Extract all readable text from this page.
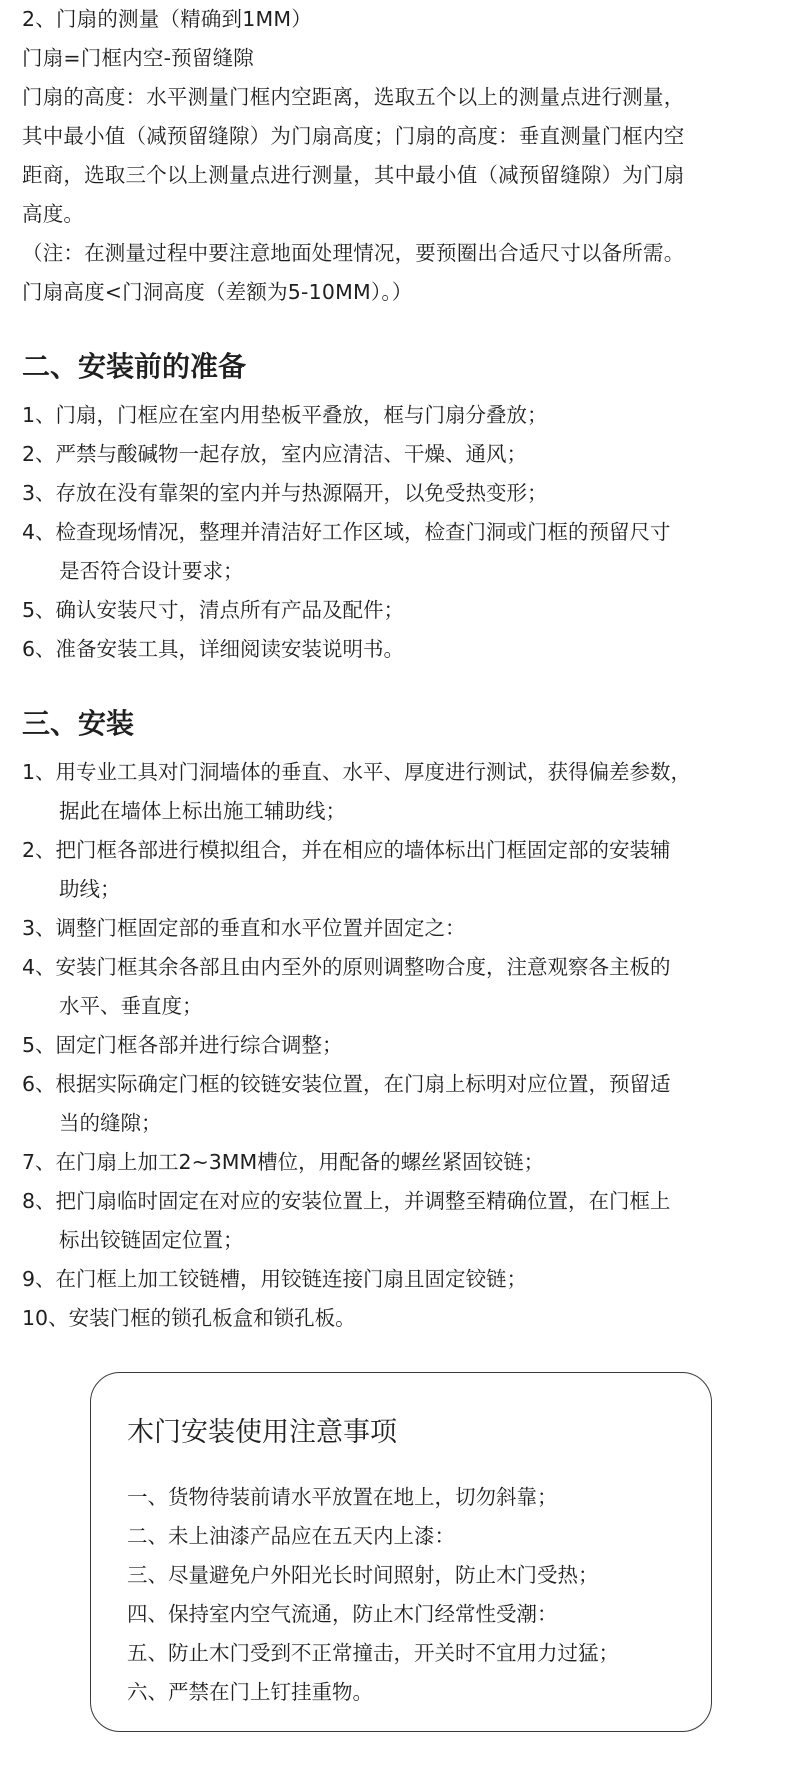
2、门扇的测量（精确到1MM）
门扇=门框内空-预留缝隙
门扇的高度：水平测量门框内空距离，选取五个以上的测量点进行测量，
其中最小值（减预留缝隙）为门扇高度；门扇的高度：垂直测量门框内空
距商，选取三个以上测量点进行测量，其中最小值（减预留缝隙）为门扇
高度。
（注：在测量过程中要注意地面处理情况，要预圈出合适尺寸以备所需。
门扇高度<门洞高度（差额为5-10MM）。）
二、安装前的准备
1、门扇，门框应在室内用垫板平叠放，框与门扇分叠放；
2、严禁与酸碱物一起存放，室内应清洁、干燥、通风；
3、存放在没有靠架的室内并与热源隔开，以免受热变形；
4、检查现场情况，整理并清洁好工作区域，检查门洞或门框的预留尺寸
是否符合设计要求；
5、确认安装尺寸，清点所有产品及配件；
6、准备安装工具，详细阅读安装说明书。
三、安装
1、用专业工具对门洞墙体的垂直、水平、厚度进行测试，获得偏差参数，
据此在墙体上标出施工辅助线；
2、把门框各部进行模拟组合，并在相应的墙体标出门框固定部的安装辅
助线；
3、调整门框固定部的垂直和水平位置并固定之：
4、安装门框其余各部且由内至外的原则调整吻合度，注意观察各主板的
水平、垂直度；
5、固定门框各部并进行综合调整；
6、根据实际确定门框的铰链安装位置，在门扇上标明对应位置，预留适
当的缝隙；
7、在门扇上加工2~3MM槽位，用配备的螺丝紧固铰链；
8、把门扇临时固定在对应的安装位置上，并调整至精确位置，在门框上
标出铰链固定位置；
9、在门框上加工铰链槽，用铰链连接门扇且固定铰链；
10、安装门框的锁孔板盒和锁孔板。
木门安装使用注意事项
一、货物待装前请水平放置在地上，切勿斜靠；
二、未上油漆产品应在五天内上漆：
三、尽量避免户外阳光长时间照射，防止木门受热；
四、保持室内空气流通，防止木门经常性受潮：
五、防止木门受到不正常撞击，开关时不宜用力过猛；
六、严禁在门上钉挂重物。
